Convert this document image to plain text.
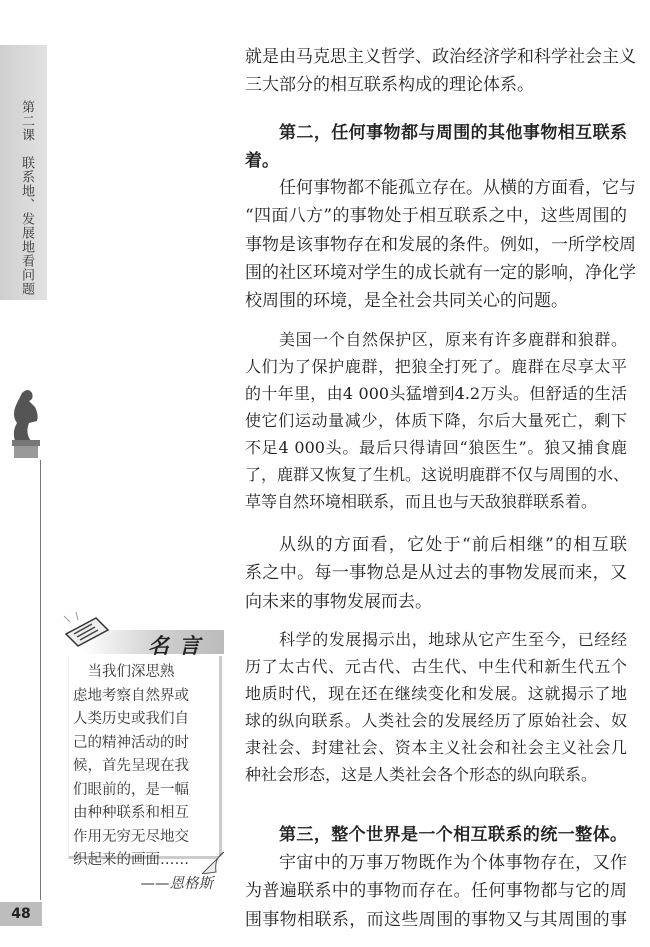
第二课　联系地、发展地看问题
48
名言
　当我们深思熟
虑地考察自然界或
人类历史或我们自
己的精神活动的时
候，首先呈现在我
们眼前的，是一幅
由种种联系和相互
作用无穷无尽地交
织起来的画面……
——恩格斯
就是由马克思主义哲学、政治经济学和科学社会主义
三大部分的相互联系构成的理论体系。
第二，任何事物都与周围的其他事物相互联系
着。
任何事物都不能孤立存在。从横的方面看，它与
“四面八方”的事物处于相互联系之中，这些周围的
事物是该事物存在和发展的条件。例如，一所学校周
围的社区环境对学生的成长就有一定的影响，净化学
校周围的环境，是全社会共同关心的问题。
美国一个自然保护区，原来有许多鹿群和狼群。
人们为了保护鹿群，把狼全打死了。鹿群在尽享太平
的十年里，由4 000头猛增到4.2万头。但舒适的生活
使它们运动量减少，体质下降，尔后大量死亡，剩下
不足4 000头。最后只得请回“狼医生”。狼又捕食鹿
了，鹿群又恢复了生机。这说明鹿群不仅与周围的水、
草等自然环境相联系，而且也与天敌狼群联系着。
从纵的方面看，它处于“前后相继”的相互联
系之中。每一事物总是从过去的事物发展而来，又
向未来的事物发展而去。
科学的发展揭示出，地球从它产生至今，已经经
历了太古代、元古代、古生代、中生代和新生代五个
地质时代，现在还在继续变化和发展。这就揭示了地
球的纵向联系。人类社会的发展经历了原始社会、奴
隶社会、封建社会、资本主义社会和社会主义社会几
种社会形态，这是人类社会各个形态的纵向联系。
第三，整个世界是一个相互联系的统一整体。
宇宙中的万事万物既作为个体事物存在，又作
为普遍联系中的事物而存在。任何事物都与它的周
围事物相联系，而这些周围的事物又与其周围的事
